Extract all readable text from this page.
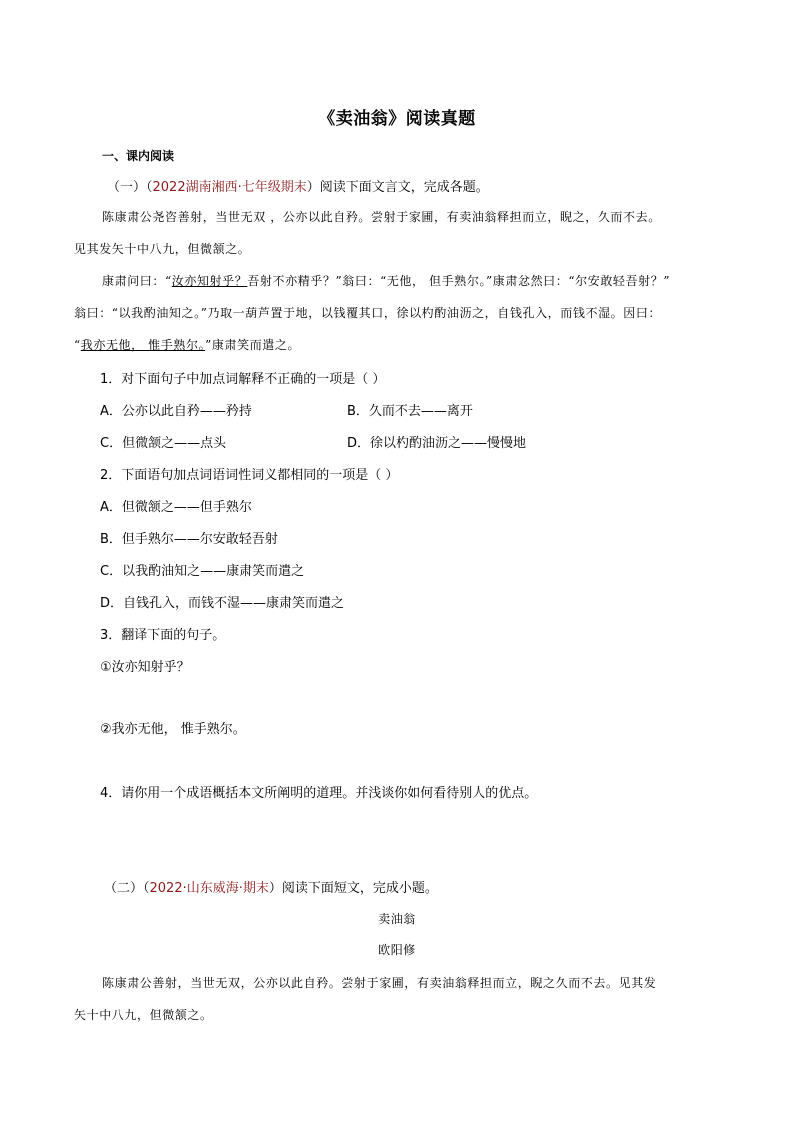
《卖油翁》阅读真题
一、课内阅读
（一）（2022湖南湘西·七年级期末）阅读下面文言文，完成各题。
陈康肃公尧咨善射，当世无双 ，公亦以此自矜。尝射于家圃，有卖油翁释担而立，睨之，久而不去。
见其发矢十中八九，但微颔之。
康肃问曰：“汝亦知射乎？吾射不亦精乎？”翁曰：“无他， 但手熟尔。”康肃忿然曰：“尔安敢轻吾射？”
翁曰：“以我酌油知之。”乃取一葫芦置于地，以钱覆其口，徐以杓酌油沥之，自钱孔入，而钱不湿。因曰：
“我亦无他， 惟手熟尔。”康肃笑而遣之。
1．对下面句子中加点词解释不正确的一项是（ ）
A．公亦以此自矜——矜持	B．久而不去——离开
C．但微颔之——点头	D．徐以杓酌油沥之——慢慢地
2．下面语句加点词语词性词义都相同的一项是（ ）
A．但微颔之——但手熟尔
B．但手熟尔——尔安敢轻吾射
C．以我酌油知之——康肃笑而遣之
D．自钱孔入，而钱不湿——康肃笑而遣之
3．翻译下面的句子。
①汝亦知射乎？
②我亦无他， 惟手熟尔。
4．请你用一个成语概括本文所阐明的道理。并浅谈你如何看待别人的优点。
（二）（2022·山东威海·期末）阅读下面短文，完成小题。
卖油翁
欧阳修
陈康肃公善射，当世无双，公亦以此自矜。尝射于家圃，有卖油翁释担而立，睨之久而不去。见其发
矢十中八九，但微颔之。
